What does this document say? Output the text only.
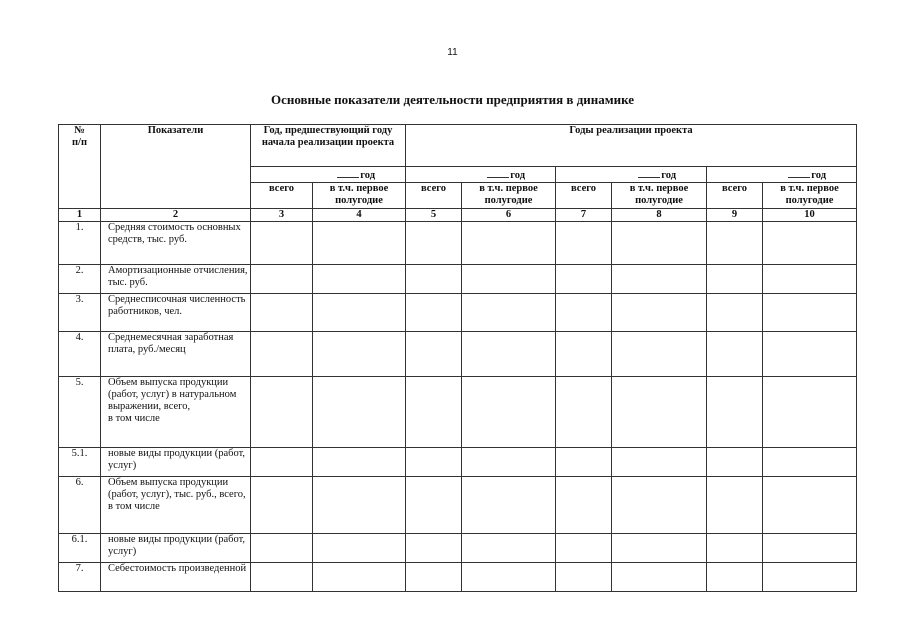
11
Основные показатели деятельности предприятия в динамике
№
п/п	Показатели	Год, предшествующий году начала реализации проекта		Годы реализации проекта					
		год		год		год		год	
		всего	в т.ч. первое полугодие	всего	в т.ч. первое полугодие	всего	в т.ч. первое полугодие	всего	в т.ч. первое полугодие
1	2	3	4	5	6	7	8	9	10
1.	Средняя стоимость основных средств, тыс. руб.								
2.	Амортизационные отчисления, тыс. руб.								
3.	Среднесписочная численность работников, чел.								
4.	Среднемесячная заработная плата, руб./месяц								
5.	Объем выпуска продукции (работ, услуг) в натуральном выражении, всего,
в том числе								
5.1.	новые виды продукции (работ, услуг)								
6.	Объем выпуска продукции (работ, услуг), тыс. руб., всего,
в том числе								
6.1.	новые виды продукции (работ, услуг)								
7.	Себестоимость произведенной								
